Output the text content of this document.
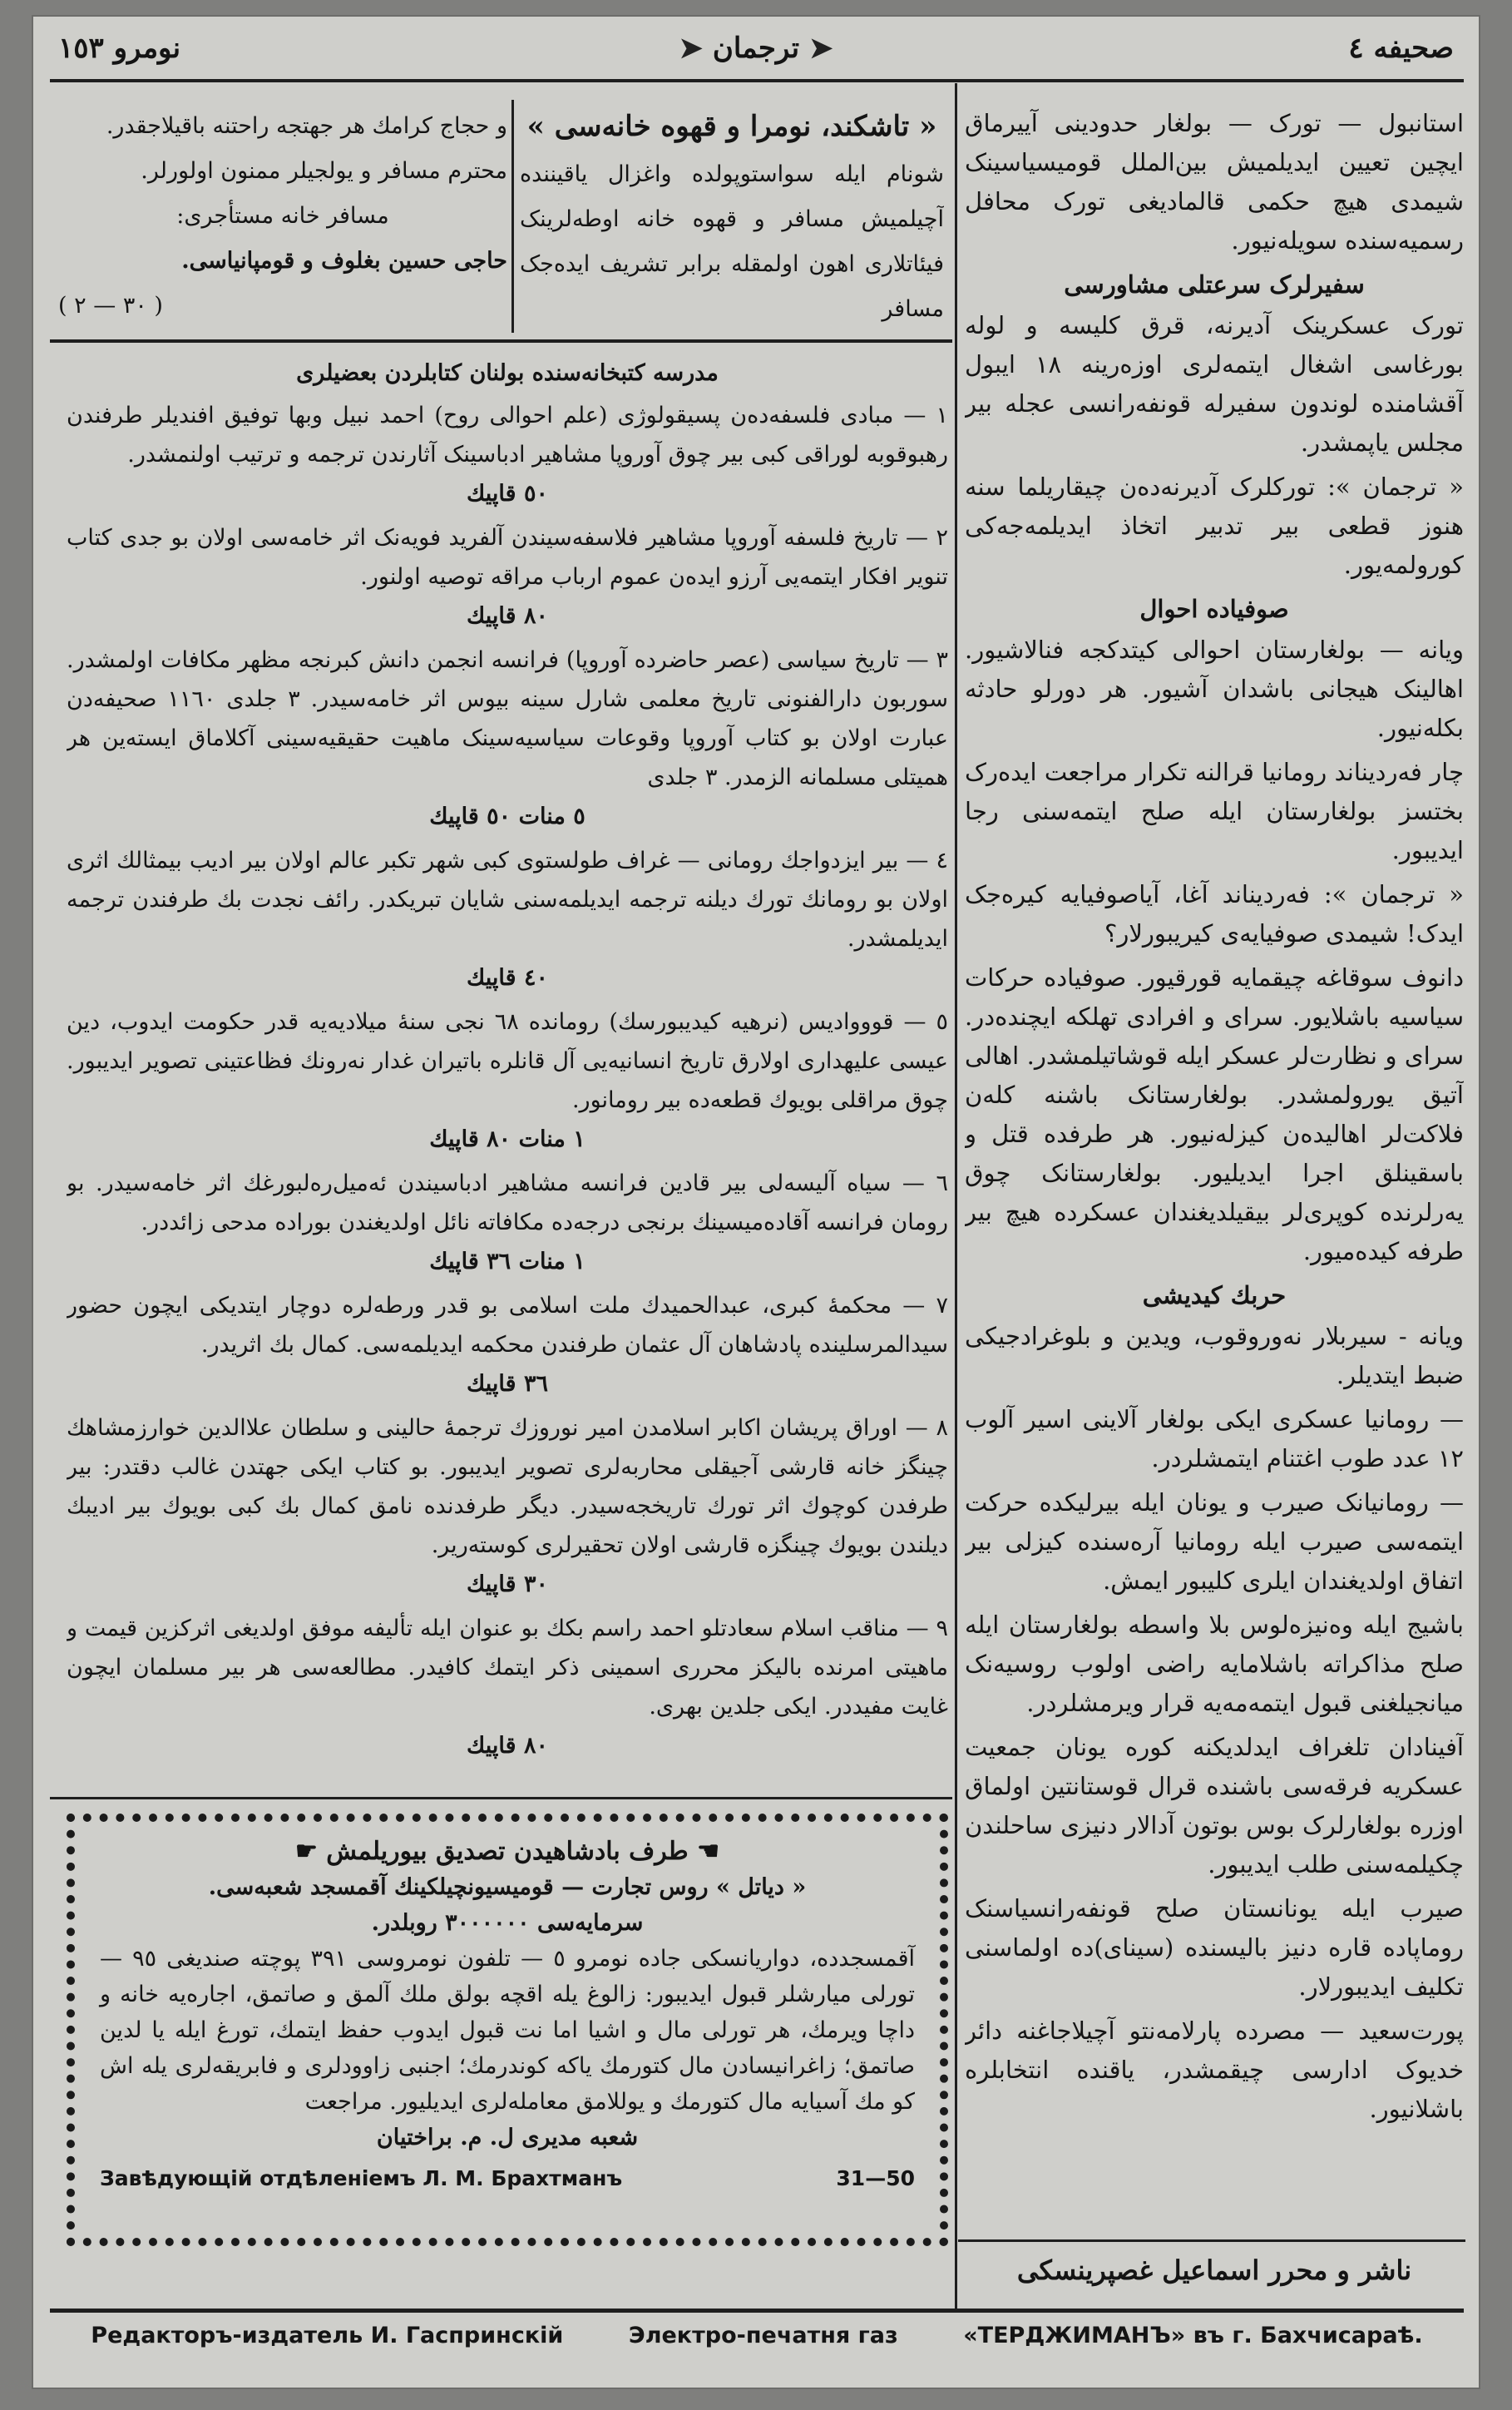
نومرو ١٥٣	➤ ترجمان ➤	صحیفه ٤
استانبول — تورک — بولغار حدودینی آییرماق ایچین تعیین ایدیلمیش بین‌الملل قومیسیاسینک شیمدی هیچ حکمی قالمادیغی تورک محافل رسمیه‌سنده سویله‌نیور.
سفیرلرک سرعتلی مشاورسی
تورک عسکرینک آدیرنه، قرق کلیسه و لوله بورغاسی اشغال ایتمه‌لری اوزه‌رینه ١٨ ایبول آقشامنده لوندون سفیرله قونفه‌رانسی عجله بیر مجلس یاپمشدر.
« ترجمان »: تورکلرک آدیرنه‌ده‌ن چیقاریلما سنه هنوز قطعی بیر تدبیر اتخاذ ایدیلمه‌جه‌کی کورولمه‌یور.
صوفیاده احوال
ویانه — بولغارستان احوالی کیتدکجه فنالاشیور. اهالینک هیجانی باشدان آشیور. هر دورلو حادثه بکله‌نیور.
چار فه‌ردیناند رومانیا قرالنه تکرار مراجعت ایده‌رک بختسز بولغارستان ایله صلح ایتمه‌سنی رجا ایدیبور.
« ترجمان »: فه‌ردیناند آغا، آیاصوفیایه کیره‌جک ایدک! شیمدی صوفیایه‌ی کیریبورلار؟
دانوف سوقاغه چیقمایه قورقیور. صوفیاده حرکات سیاسیه باشلایور. سرای و افرادی تهلکه ایچنده‌در. سرای و نظارت‌لر عسکر ایله قوشاتیلمشدر. اهالی آتیق یورولمشدر. بولغارستانک باشنه کله‌ن فلاکت‌لر اهالیده‌ن کیزله‌نیور. هر طرفده قتل و باسقینلق اجرا ایدیلیور. بولغارستانک چوق یه‌رلرنده کوپری‌لر بیقیلدیغندان عسکرده هیچ بیر طرفه کیده‌میور.
حربك كيديشى
ویانه - سیربلار نه‌وروقوب، ویدین و بلوغرادجیکی ضبط ایتدیلر.
— رومانیا عسکری ایکی بولغار آلاینی اسیر آلوب ١٢ عدد طوب اغتنام ایتمشلردر.
— رومانیانک صیرب و یونان ایله بیرلیکده حرکت ایتمه‌سی صیرب ایله رومانیا آره‌سنده کیزلی بیر اتفاق اولدیغندان ایلری کلیبور ایمش.
باشیج ایله وه‌نیزه‌لوس بلا واسطه بولغارستان ایله صلح مذاکراته باشلامایه راضی اولوب روسیه‌نک میانجیلغنی قبول ایتمه‌مه‌یه قرار ویرمشلردر.
آفینادان تلغراف ایدلدیکنه کوره یونان جمعیت عسکریه فرقه‌سی باشنده قرال قوستانتین اولماق اوزره بولغارلرک بوس بوتون آدالار دنیزی ساحلندن چکیلمه‌سنی طلب ایدیبور.
صیرب ایله یونانستان صلح قونفه‌رانسیاسنک روماپاده قاره دنیز بالیسنده (سینای)ده اولماسنی تکلیف ایدیبورلار.
پورت‌سعید — مصرده پارلامه‌نتو آچیلاجاغنه دائر خدیوک ادارسی چیقمشدر، یاقنده انتخابلره باشلانیور.
و حجاج کرامك هر جهتجه راحتنه باقیلاجقدر.
محترم مسافر و یولجیلر ممنون اولورلر.
مسافر خانه مستأجری:
حاجی حسین بغلوف و قومپانیاسی.
( ٣٠ — ٢ )
« تاشکند، نومرا و قهوه خانه‌سی »
شونام ایله سواستوپولده واغزال یاقیننده آچیلمیش مسافر و قهوه خانه اوطه‌لرینک فیئاتلاری اهون اولمقله برابر تشریف ایده‌جک مسافر
مدرسه کتبخانه‌سنده بولنان کتابلردن بعضیلری
١ — مبادی فلسفه‌ده‌ن پسیقولوژی (علم احوالی روح) احمد نبیل وبها توفیق افندیلر طرفندن رهبوقوبه لوراقی کبی بیر چوق آوروپا مشاهیر ادباسینک آثارندن ترجمه و ترتیب اولنمشدر.
٥٠ قاپیك
٢ — تاریخ فلسفه آوروپا مشاهیر فلاسفه‌سیندن آلفرید فویه‌نک اثر خامه‌سی اولان بو جدی کتاب تنویر افکار ایتمه‌یی آرزو ایده‌ن عموم ارباب مراقه توصیه اولنور.
٨٠ قاپیك
٣ — تاریخ سیاسی (عصر حاضرده آوروپا) فرانسه انجمن دانش کبرنجه مظهر مکافات اولمشدر. سوربون دارالفنونی تاریخ معلمی شارل سینه بیوس اثر خامه‌سیدر. ٣ جلدی ١١٦٠ صحیفه‌دن عبارت اولان بو کتاب آوروپا وقوعات سیاسیه‌سینک ماهیت حقیقیه‌سینی آکلاماق ایسته‌ین هر همیتلی مسلمانه الزمدر. ٣ جلدی
٥ منات ٥٠ قاپیك
٤ — بیر ایزدواجك رومانی — غراف طولستوی کبی شهر تکبر عالم اولان بیر ادیب بیمثالك اثری اولان بو رومانك تورك دیلنه ترجمه ایدیلمه‌سنی شایان تبریکدر. رائف نجدت بك طرفندن ترجمه ایدیلمشدر.
٤٠ قاپیك
٥ — قوووادیس (نرهیه کیدیبورسك) رومانده ٦٨ نجی سنهٔ میلادیه‌یه قدر حکومت ایدوب، دین عیسی علیهداری اولارق تاریخ انسانیه‌یی آل قانلره باتیران غدار نه‌رونك فظاعتینی تصویر ایدیبور. چوق مراقلی بویوك قطعه‌ده بیر رومانور.
١ منات ٨٠ قاپیك
٦ — سیاه آلیسه‌لی بیر قادین فرانسه مشاهیر ادباسیندن ئه‌میل‌ره‌لبورغك اثر خامه‌سیدر. بو رومان فرانسه آقاده‌میسینك برنجی درجه‌ده مکافاته نائل اولدیغندن بوراده مدحی زائددر.
١ منات ٣٦ قاپیك
٧ — محکمهٔ کبری، عبدالحمیدك ملت اسلامی بو قدر ورطه‌لره دوچار ایتدیکی ایچون حضور سیدالمرسلینده پادشاهان آل عثمان طرفندن محکمه ایدیلمه‌سی. کمال بك اثریدر.
٣٦ قاپیك
٨ — اوراق پریشان اکابر اسلامدن امیر نوروزك ترجمهٔ حالینی و سلطان علاالدین خوارزمشاهك چینگز خانه قارشی آجیقلی محاربه‌لری تصویر ایدیبور. بو کتاب ایکی جهتدن غالب دقتدر: بیر طرفدن کوچوك اثر تورك تاریخجه‌سیدر. دیگر طرفدنده نامق کمال بك کبی بویوك بیر ادیبك دیلندن بویوك چینگزه قارشی اولان تحقیرلری کوسته‌ریر.
٣٠ قاپیك
٩ — مناقب اسلام سعادتلو احمد راسم بکك بو عنوان ایله تألیفه موفق اولدیغی اثرکزین قیمت و ماهیتی امرنده بالیکز محرری اسمینی ذکر ایتمك کافیدر. مطالعه‌سی هر بیر مسلمان ایچون غایت مفیددر. ایکی جلدین بهری.
٨٠ قاپیك
☚ طرف بادشاهیدن تصدیق بیوریلمش ☛
« دیاتل » روس تجارت — قومیسیونچیلکینك آقمسجد شعبه‌سی.
سرمایه‌سی ٣٠٠٠٠٠٠ روبلدر.
آقمسجدده، دواریانسکی جاده نومرو ٥ — تلفون نومروسی ٣٩١ پوچته صندیغی ٩٥ — تورلی میارشلر قبول ایدیبور: زالوغ یله اقچه بولق ملك آلمق و صاتمق، اجاره‌یه خانه و داچا ویرمك، هر تورلی مال و اشیا اما نت قبول ایدوب حفظ ایتمك، تورغ ایله یا لدین صاتمق؛ زاغرانیسادن مال کتورمك یاکه کوندرمك؛ اجنبی زاوودلری و فابریقه‌لری یله اش کو مك آسیایه مال کتورمك و یوللامق معامله‌لری ایدیلیور. مراجعت
شعبه مدیری ل. م. براختیان
Завѣдующій отдѣленіемъ Л. М. Брахтманъ	31—50
ناشر و محرر اسماعیل غصپرینسکی
Редакторъ-издатель И. Гаспринскій	Электро-печатня газ	«ТЕРДЖИМАНЪ» въ г. Бахчисараѣ.
